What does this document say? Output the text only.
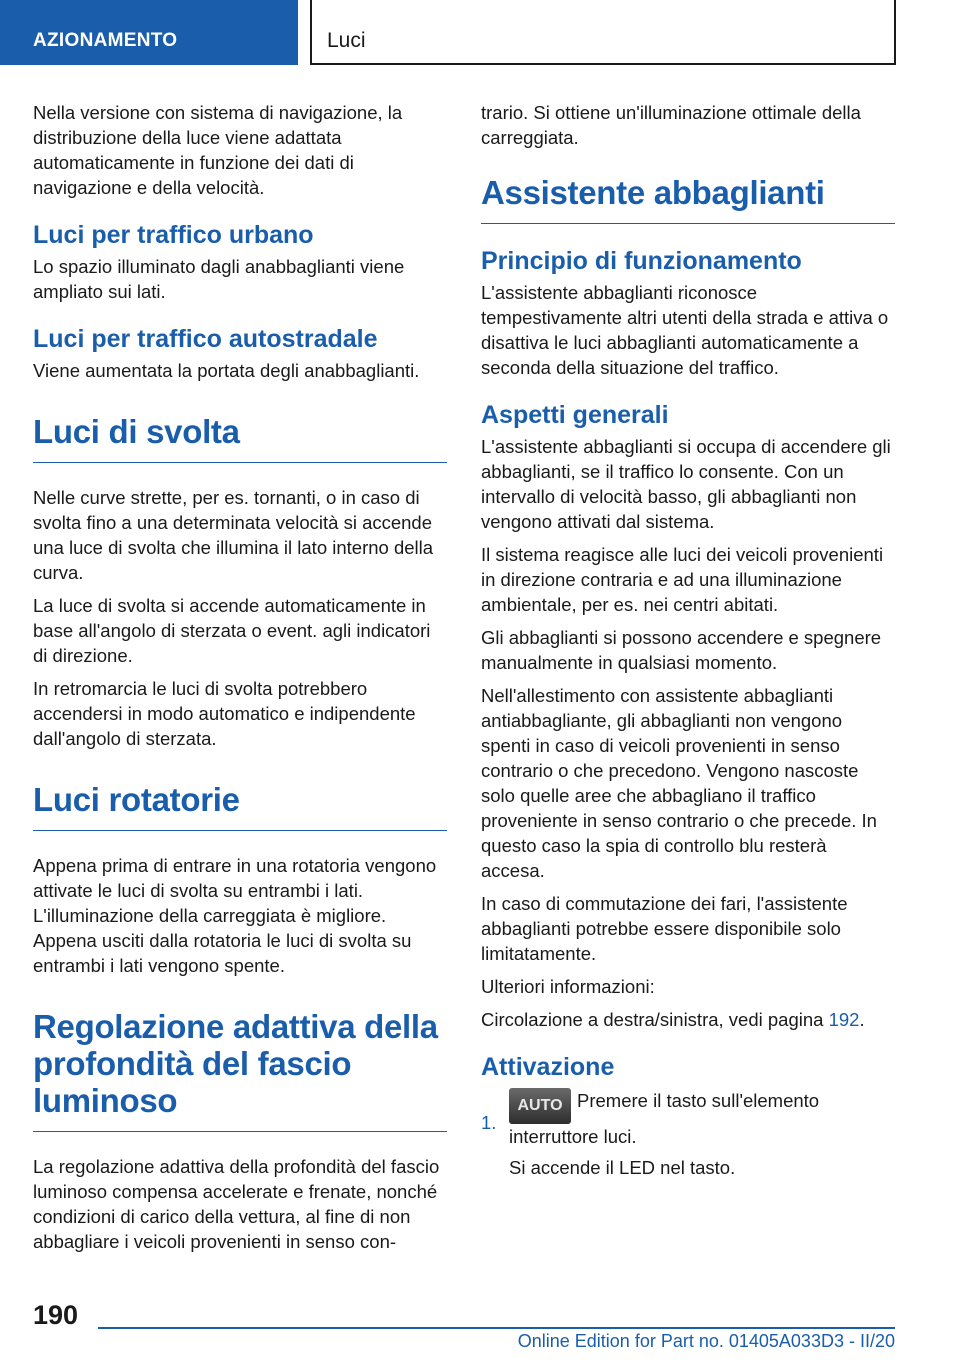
AZIONAMENTO	Luci

Nella versione con sistema di navigazione, la distribuzione della luce viene adattata automaticamente in funzione dei dati di navigazione e della velocità.

Luci per traffico urbano

Lo spazio illuminato dagli anabbaglianti viene ampliato sui lati.

Luci per traffico autostradale

Viene aumentata la portata degli anabbaglianti.

Luci di svolta

Nelle curve strette, per es. tornanti, o in caso di svolta fino a una determinata velocità si accende una luce di svolta che illumina il lato interno della curva.

La luce di svolta si accende automaticamente in base all'angolo di sterzata o event. agli indicatori di direzione.

In retromarcia le luci di svolta potrebbero accendersi in modo automatico e indipendente dall'angolo di sterzata.

Luci rotatorie

Appena prima di entrare in una rotatoria vengono attivate le luci di svolta su entrambi i lati. L'illuminazione della carreggiata è migliore. Appena usciti dalla rotatoria le luci di svolta su entrambi i lati vengono spente.

Regolazione adattiva della profondità del fascio luminoso

La regolazione adattiva della profondità del fascio luminoso compensa accelerate e frenate, nonché condizioni di carico della vettura, al fine di non abbagliare i veicoli provenienti in senso con-

trario. Si ottiene un'illuminazione ottimale della carreggiata.

Assistente abbaglianti
Principio di funzionamento

L'assistente abbaglianti riconosce tempestivamente altri utenti della strada e attiva o disattiva le luci abbaglianti automaticamente a seconda della situazione del traffico.

Aspetti generali

L'assistente abbaglianti si occupa di accendere gli abbaglianti, se il traffico lo consente. Con un intervallo di velocità basso, gli abbaglianti non vengono attivati dal sistema.

Il sistema reagisce alle luci dei veicoli provenienti in direzione contraria e ad una illuminazione ambientale, per es. nei centri abitati.

Gli abbaglianti si possono accendere e spegnere manualmente in qualsiasi momento.

Nell'allestimento con assistente abbaglianti antiabbagliante, gli abbaglianti non vengono spenti in caso di veicoli provenienti in senso contrario o che precedono. Vengono nascoste solo quelle aree che abbagliano il traffico proveniente in senso contrario o che precede. In questo caso la spia di controllo blu resterà accesa.

In caso di commutazione dei fari, l'assistente abbaglianti potrebbe essere disponibile solo limitatamente.

Ulteriori informazioni:

Circolazione a destra/sinistra, vedi pagina 192.

Attivazione
1.

AUTO Premere il tasto sull'elemento interruttore luci.

Si accende il LED nel tasto.

190
Online Edition for Part no. 01405A033D3 - II/20
